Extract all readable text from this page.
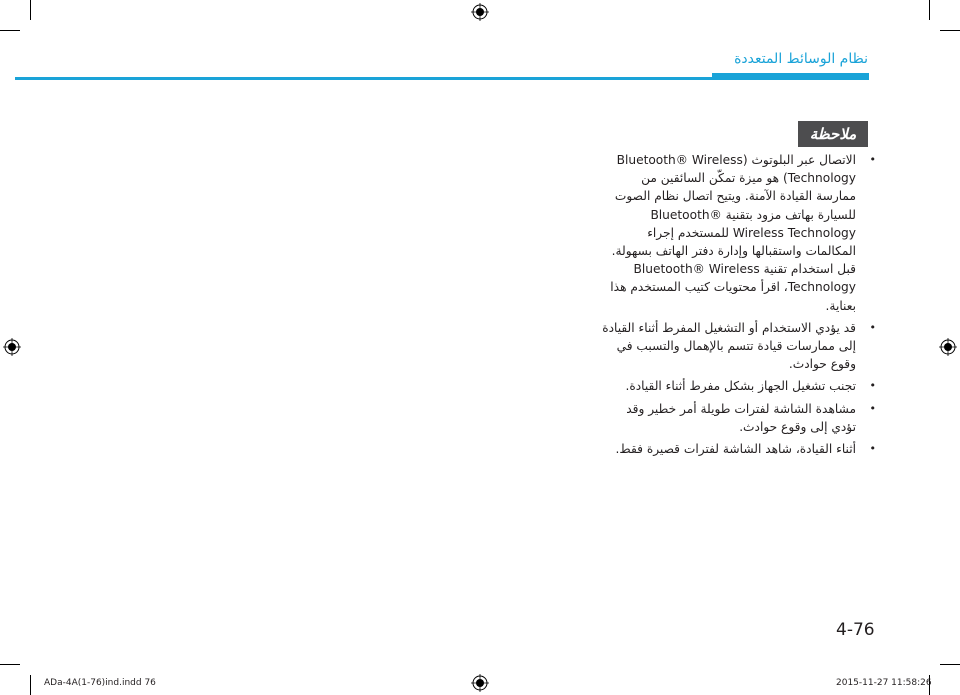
نظام الوسائط المتعددة
ملاحظة
•
الاتصال عبر البلوتوث (Bluetooth® Wireless Technology) هو ميزة تمكّن السائقين من ممارسة القيادة الآمنة. ويتيح اتصال نظام الصوت للسيارة بهاتف مزود بتقنية Bluetooth® Wireless Technology للمستخدم إجراء المكالمات واستقبالها وإدارة دفتر الهاتف بسهولة. قبل استخدام تقنية Bluetooth® Wireless Technology، اقرأ محتويات كتيب المستخدم هذا بعناية.
•
قد يؤدي الاستخدام أو التشغيل المفرط أثناء القيادة إلى ممارسات قيادة تتسم بالإهمال والتسبب في وقوع حوادث.
•
تجنب تشغيل الجهاز بشكل مفرط أثناء القيادة.
•
مشاهدة الشاشة لفترات طويلة أمر خطير وقد تؤدي إلى وقوع حوادث.
•
أثناء القيادة، شاهد الشاشة لفترات قصيرة فقط.
4-76
ADa-4A(1-76)ind.indd 76	2015-11-27 11:58:26
